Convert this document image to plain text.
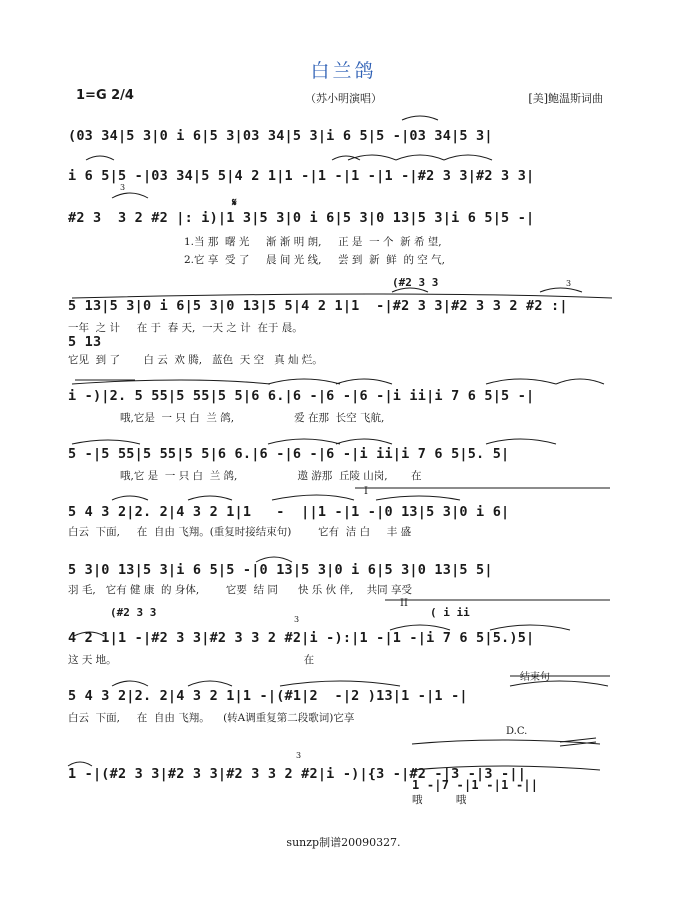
白兰鸽
1=G 2/4	（苏小明演唱）	[美]鲍温斯词曲
(03 34|5 3|0 i 6|5 3|03 34|5 3|i 6 5|5 -|03 34|5 3|
i 6 5|5 -|03 34|5 5|4 2 1|1 -|1 -|1 -|1 -|#2 3 3|#2 3 3|
𝄋
#2 3  3 2 #2 |: i)|1 3|5 3|0 i 6|5 3|0 13|5 3|i 6 5|5 -|
1.当 那  曙 光     渐 渐 明 朗,     正 是  一 个  新 希 望,
2.它 享  受 了     晨 间 光 线,     尝 到  新  鲜  的 空 气,
(#2 3 3
5 13|5 3|0 i 6|5 3|0 13|5 5|4 2 1|1  -|#2 3 3|#2 3 3 2 #2 :|
一年  之 计     在 于  春 天,  一天 之 计  在于 晨。
5 13
它见  到 了       白 云  欢 腾,   蓝色  天 空   真 灿 烂。
i -)|2. 5 55|5 55|5 5|6 6.|6 -|6 -|6 -|i ii|i 7 6 5|5 -|
哦,它是  一 只 白  兰 鸽,                  爱 在那  长空 飞航,
5 -|5 55|5 55|5 5|6 6.|6 -|6 -|6 -|i ii|i 7 6 5|5. 5|
哦,它 是  一 只 白  兰 鸽,                  遨 游那  丘陵 山岗,       在
I
5 4 3 2|2. 2|4 3 2 1|1   -  ||1 -|1 -|0 13|5 3|0 i 6|
白云  下面,     在  自由 飞翔。(重复时接结束句)        它有  洁 白     丰 盛
5 3|0 13|5 3|i 6 5|5 -|0 13|5 3|0 i 6|5 3|0 13|5 5|
羽 毛,   它有 健 康  的 身体,        它要  结 同      快 乐 伙 伴,    共同 享受
(#2 3 3
II
( i ii
4 2 1|1 -|#2 3 3|#2 3 3 2 #2|i -):|1 -|1 -|i 7 6 5|5.)5|
这 天 地。                                                        在
结束句
5 4 3 2|2. 2|4 3 2 1|1 -|(#1|2  -|2 )13|1 -|1 -|
白云  下面,     在  自由 飞翔。    (转A调重复第二段歌词)它享
D.C.
1 -|(#2 3 3|#2 3 3|#2 3 3 2 #2|i -)|{3 -|#2 -|3 -|3 -||
1 -|7 -|1 -|1 -||
哦          哦
sunzp制谱20090327.
3
3
3
3
